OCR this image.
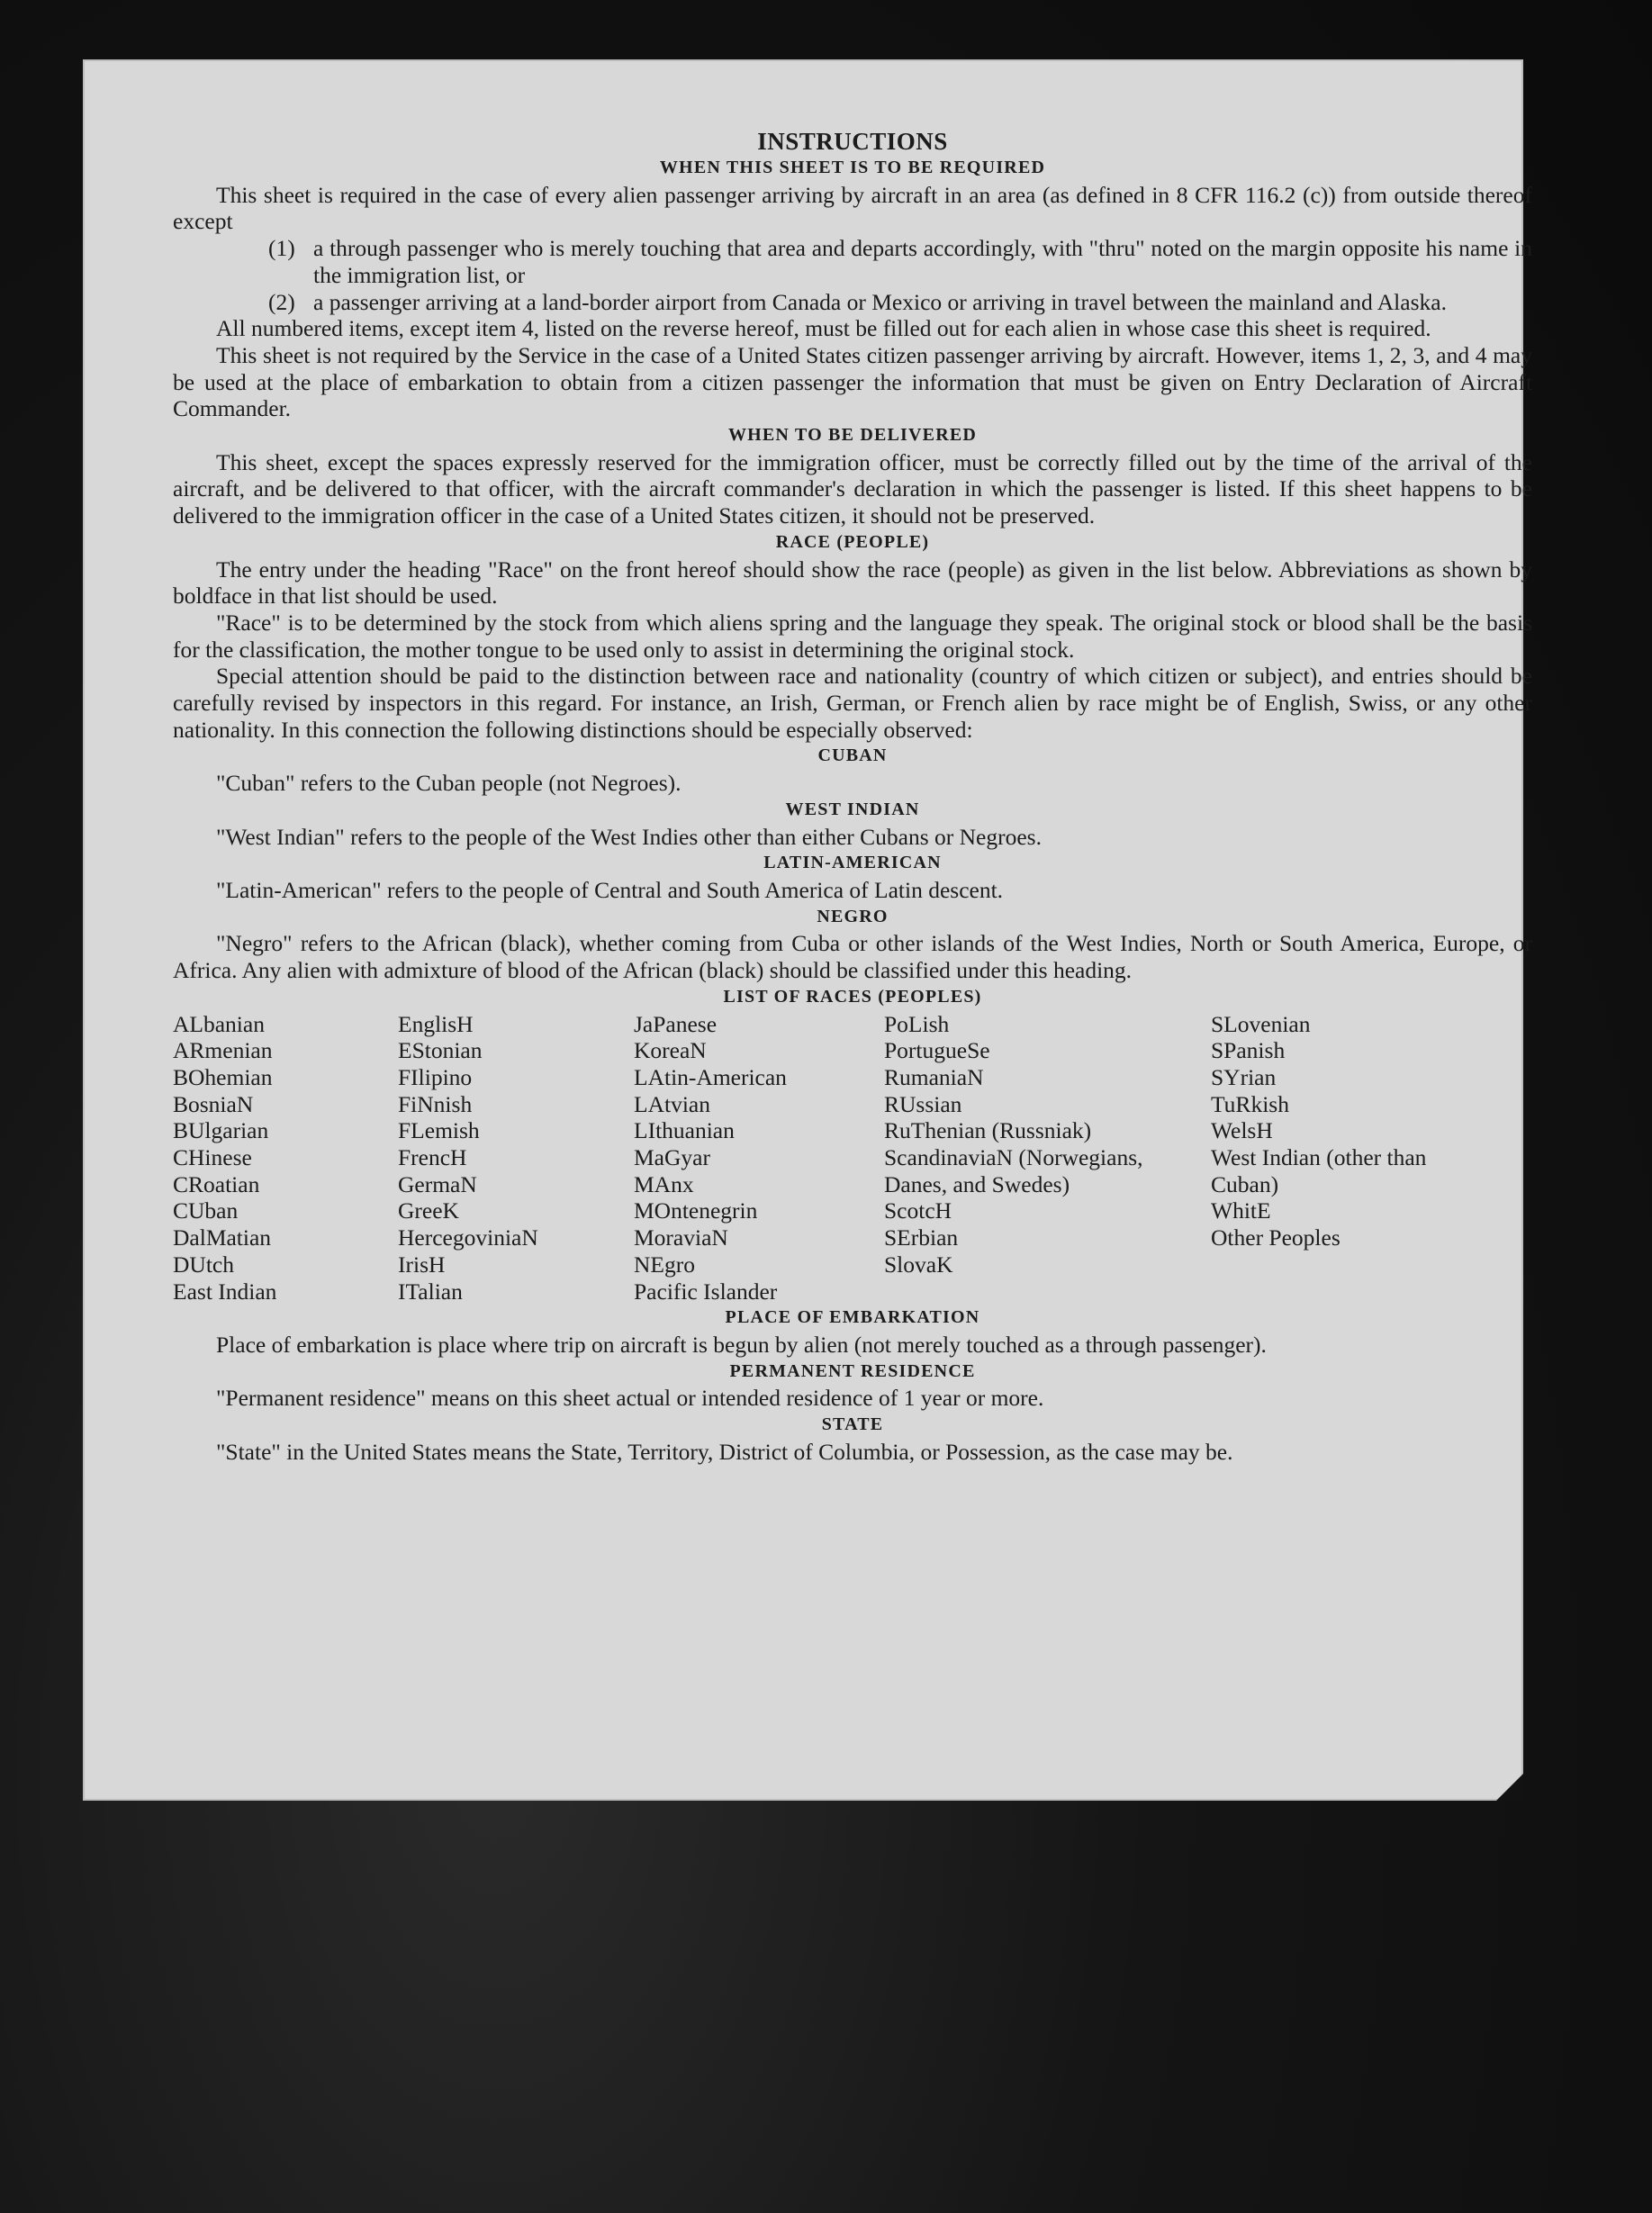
INSTRUCTIONS

WHEN THIS SHEET IS TO BE REQUIRED

This sheet is required in the case of every alien passenger arriving by aircraft in an area (as defined in 8 CFR 116.2 (c)) from outside thereof except

(1) a through passenger who is merely touching that area and departs accordingly, with "thru" noted on the margin opposite his name in the immigration list, or
(2) a passenger arriving at a land-border airport from Canada or Mexico or arriving in travel between the mainland and Alaska.

All numbered items, except item 4, listed on the reverse hereof, must be filled out for each alien in whose case this sheet is required.

This sheet is not required by the Service in the case of a United States citizen passenger arriving by aircraft. However, items 1, 2, 3, and 4 may be used at the place of embarkation to obtain from a citizen passenger the information that must be given on Entry Declaration of Aircraft Commander.

WHEN TO BE DELIVERED

This sheet, except the spaces expressly reserved for the immigration officer, must be correctly filled out by the time of the arrival of the aircraft, and be delivered to that officer, with the aircraft commander's declaration in which the passenger is listed. If this sheet happens to be delivered to the immigration officer in the case of a United States citizen, it should not be preserved.

RACE (PEOPLE)

The entry under the heading "Race" on the front hereof should show the race (people) as given in the list below. Abbreviations as shown by boldface in that list should be used.

"Race" is to be determined by the stock from which aliens spring and the language they speak. The original stock or blood shall be the basis for the classification, the mother tongue to be used only to assist in determining the original stock.

Special attention should be paid to the distinction between race and nationality (country of which citizen or subject), and entries should be carefully revised by inspectors in this regard. For instance, an Irish, German, or French alien by race might be of English, Swiss, or any other nationality. In this connection the following distinctions should be especially observed:

CUBAN

"Cuban" refers to the Cuban people (not Negroes).

WEST INDIAN

"West Indian" refers to the people of the West Indies other than either Cubans or Negroes.

LATIN-AMERICAN

"Latin-American" refers to the people of Central and South America of Latin descent.

NEGRO

"Negro" refers to the African (black), whether coming from Cuba or other islands of the West Indies, North or South America, Europe, or Africa. Any alien with admixture of blood of the African (black) should be classified under this heading.

LIST OF RACES (PEOPLES)

ALbanian
ARmenian
BOhemian
BosniaN
BUlgarian
CHinese
CRoatian
CUban
DalMatian
DUtch
East Indian
EnglisH
EStonian
FIlipino
FiNnish
FLemish
FrencH
GermaN
GreeK
HercegoviniaN
IrisH
ITalian
JaPanese
KoreaN
LAtin-American
LAtvian
LIthuanian
MaGyar
MAnx
MOntenegrin
MoraviaN
NEgro
Pacific Islander
PoLish
PortugueSe
RumaniaN
RUssian
RuThenian (Russniak)
ScandinaviaN (Norwegians, Danes, and Swedes)
ScotcH
SErbian
SlovaK
SLovenian
SPanish
SYrian
TuRkish
WelsH
West Indian (other than Cuban)
WhitE
Other Peoples

PLACE OF EMBARKATION

Place of embarkation is place where trip on aircraft is begun by alien (not merely touched as a through passenger).

PERMANENT RESIDENCE

"Permanent residence" means on this sheet actual or intended residence of 1 year or more.

STATE

"State" in the United States means the State, Territory, District of Columbia, or Possession, as the case may be.
